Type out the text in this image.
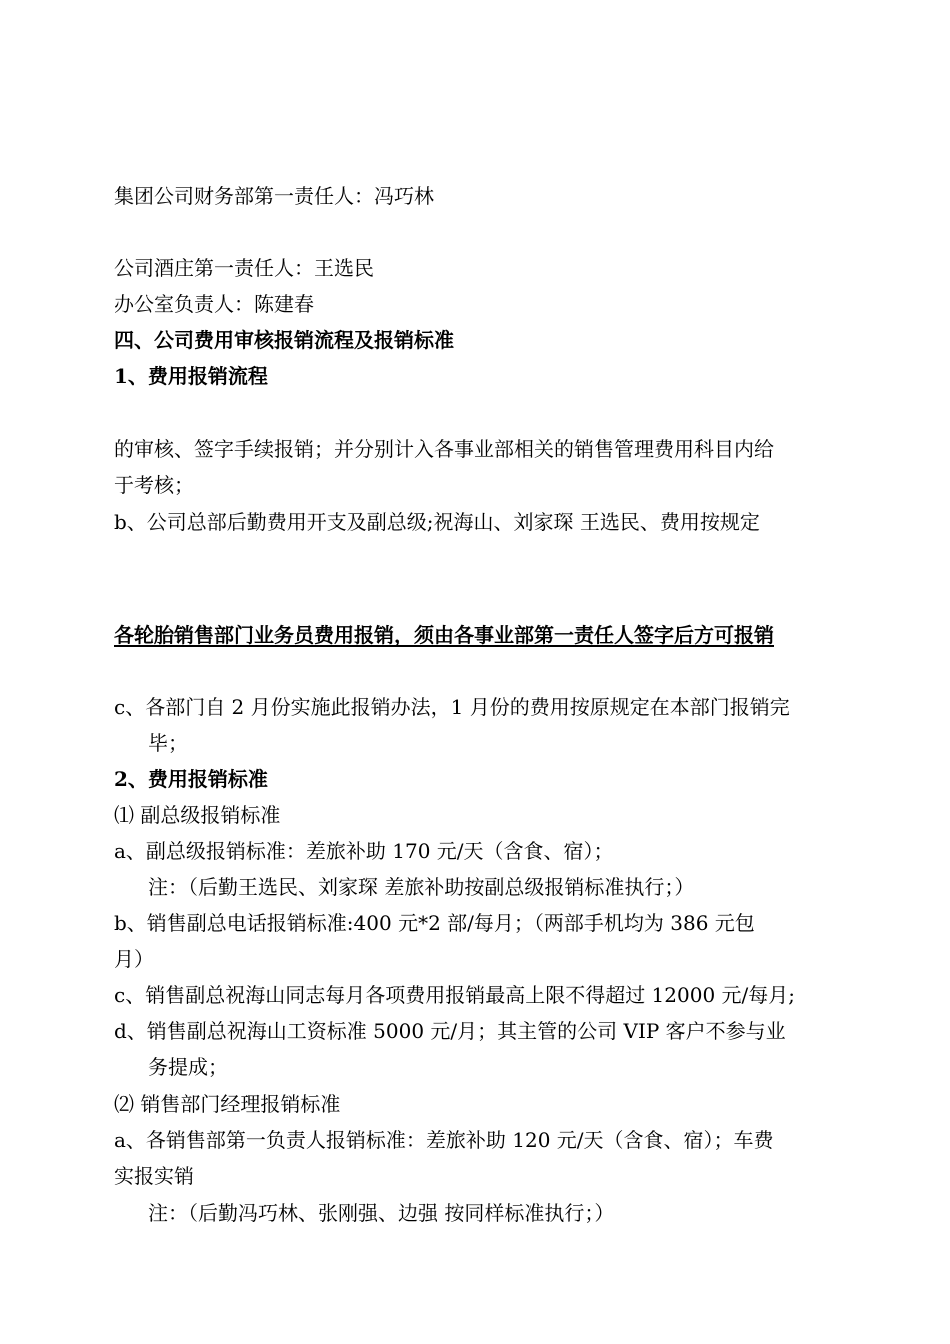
集团公司财务部第一责任人：冯巧林

公司酒庄第一责任人：王选民
办公室负责人：陈建春
四、公司费用审核报销流程及报销标准
1、费用报销流程

的审核、签字手续报销；并分别计入各事业部相关的销售管理费用科目内给
于考核；
b、公司总部后勤费用开支及副总级;祝海山、刘家琛 王选民、费用按规定

各轮胎销售部门业务员费用报销，须由各事业部第一责任人签字后方可报销

c、各部门自 2 月份实施此报销办法，1 月份的费用按原规定在本部门报销完
毕；
2、费用报销标准
⑴ 副总级报销标准
a、副总级报销标准：差旅补助 170 元/天（含食、宿）；
注：（后勤王选民、刘家琛 差旅补助按副总级报销标准执行；）
b、销售副总电话报销标准:400 元*2 部/每月；（两部手机均为 386 元包
月）
c、销售副总祝海山同志每月各项费用报销最高上限不得超过 12000 元/每月;
d、销售副总祝海山工资标准 5000 元/月；其主管的公司 VIP 客户不参与业
务提成；
⑵ 销售部门经理报销标准
a、各销售部第一负责人报销标准：差旅补助 120 元/天（含食、宿）；车费
实报实销
注：（后勤冯巧林、张刚强、边强 按同样标准执行；）
